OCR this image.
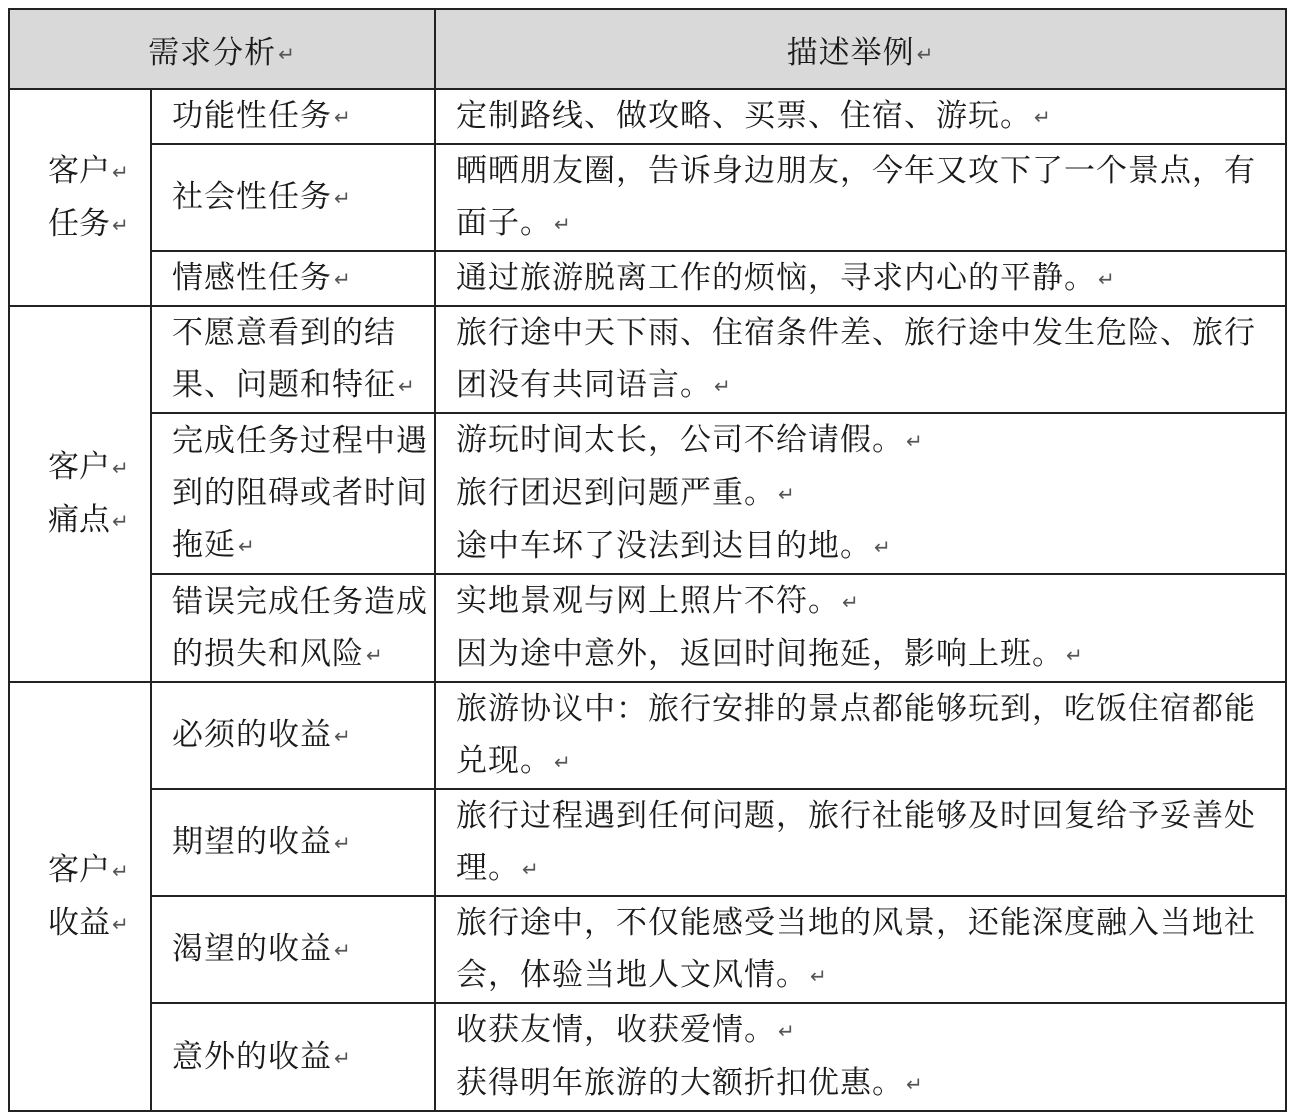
需求分析 ↵		描述举例 ↵

客户 ↵
任务 ↵	功能性任务 ↵	定制路线、做攻略、买票、住宿、游玩。 ↵

	社会性任务 ↵	晒晒朋友圈，告诉身边朋友，今年又攻下了一个景点，有面子。 ↵

	情感性任务 ↵	通过旅游脱离工作的烦恼，寻求内心的平静。 ↵

客户 ↵
痛点 ↵	不愿意看到的结果、问题和特征 ↵	旅行途中天下雨、住宿条件差、旅行途中发生危险、旅行团没有共同语言。 ↵

	完成任务过程中遇到的阻碍或者时间拖延 ↵	游玩时间太长，公司不给请假。 ↵
旅行团迟到问题严重。 ↵
途中车坏了没法到达目的地。 ↵

	错误完成任务造成的损失和风险 ↵	实地景观与网上照片不符。 ↵
因为途中意外，返回时间拖延，影响上班。 ↵

客户 ↵
收益 ↵	必须的收益 ↵	旅游协议中：旅行安排的景点都能够玩到，吃饭住宿都能兑现。 ↵

	期望的收益 ↵	旅行过程遇到任何问题，旅行社能够及时回复给予妥善处理。 ↵

	渴望的收益 ↵	旅行途中，不仅能感受当地的风景，还能深度融入当地社会，体验当地人文风情。 ↵

	意外的收益 ↵	收获友情，收获爱情。 ↵
获得明年旅游的大额折扣优惠。 ↵
